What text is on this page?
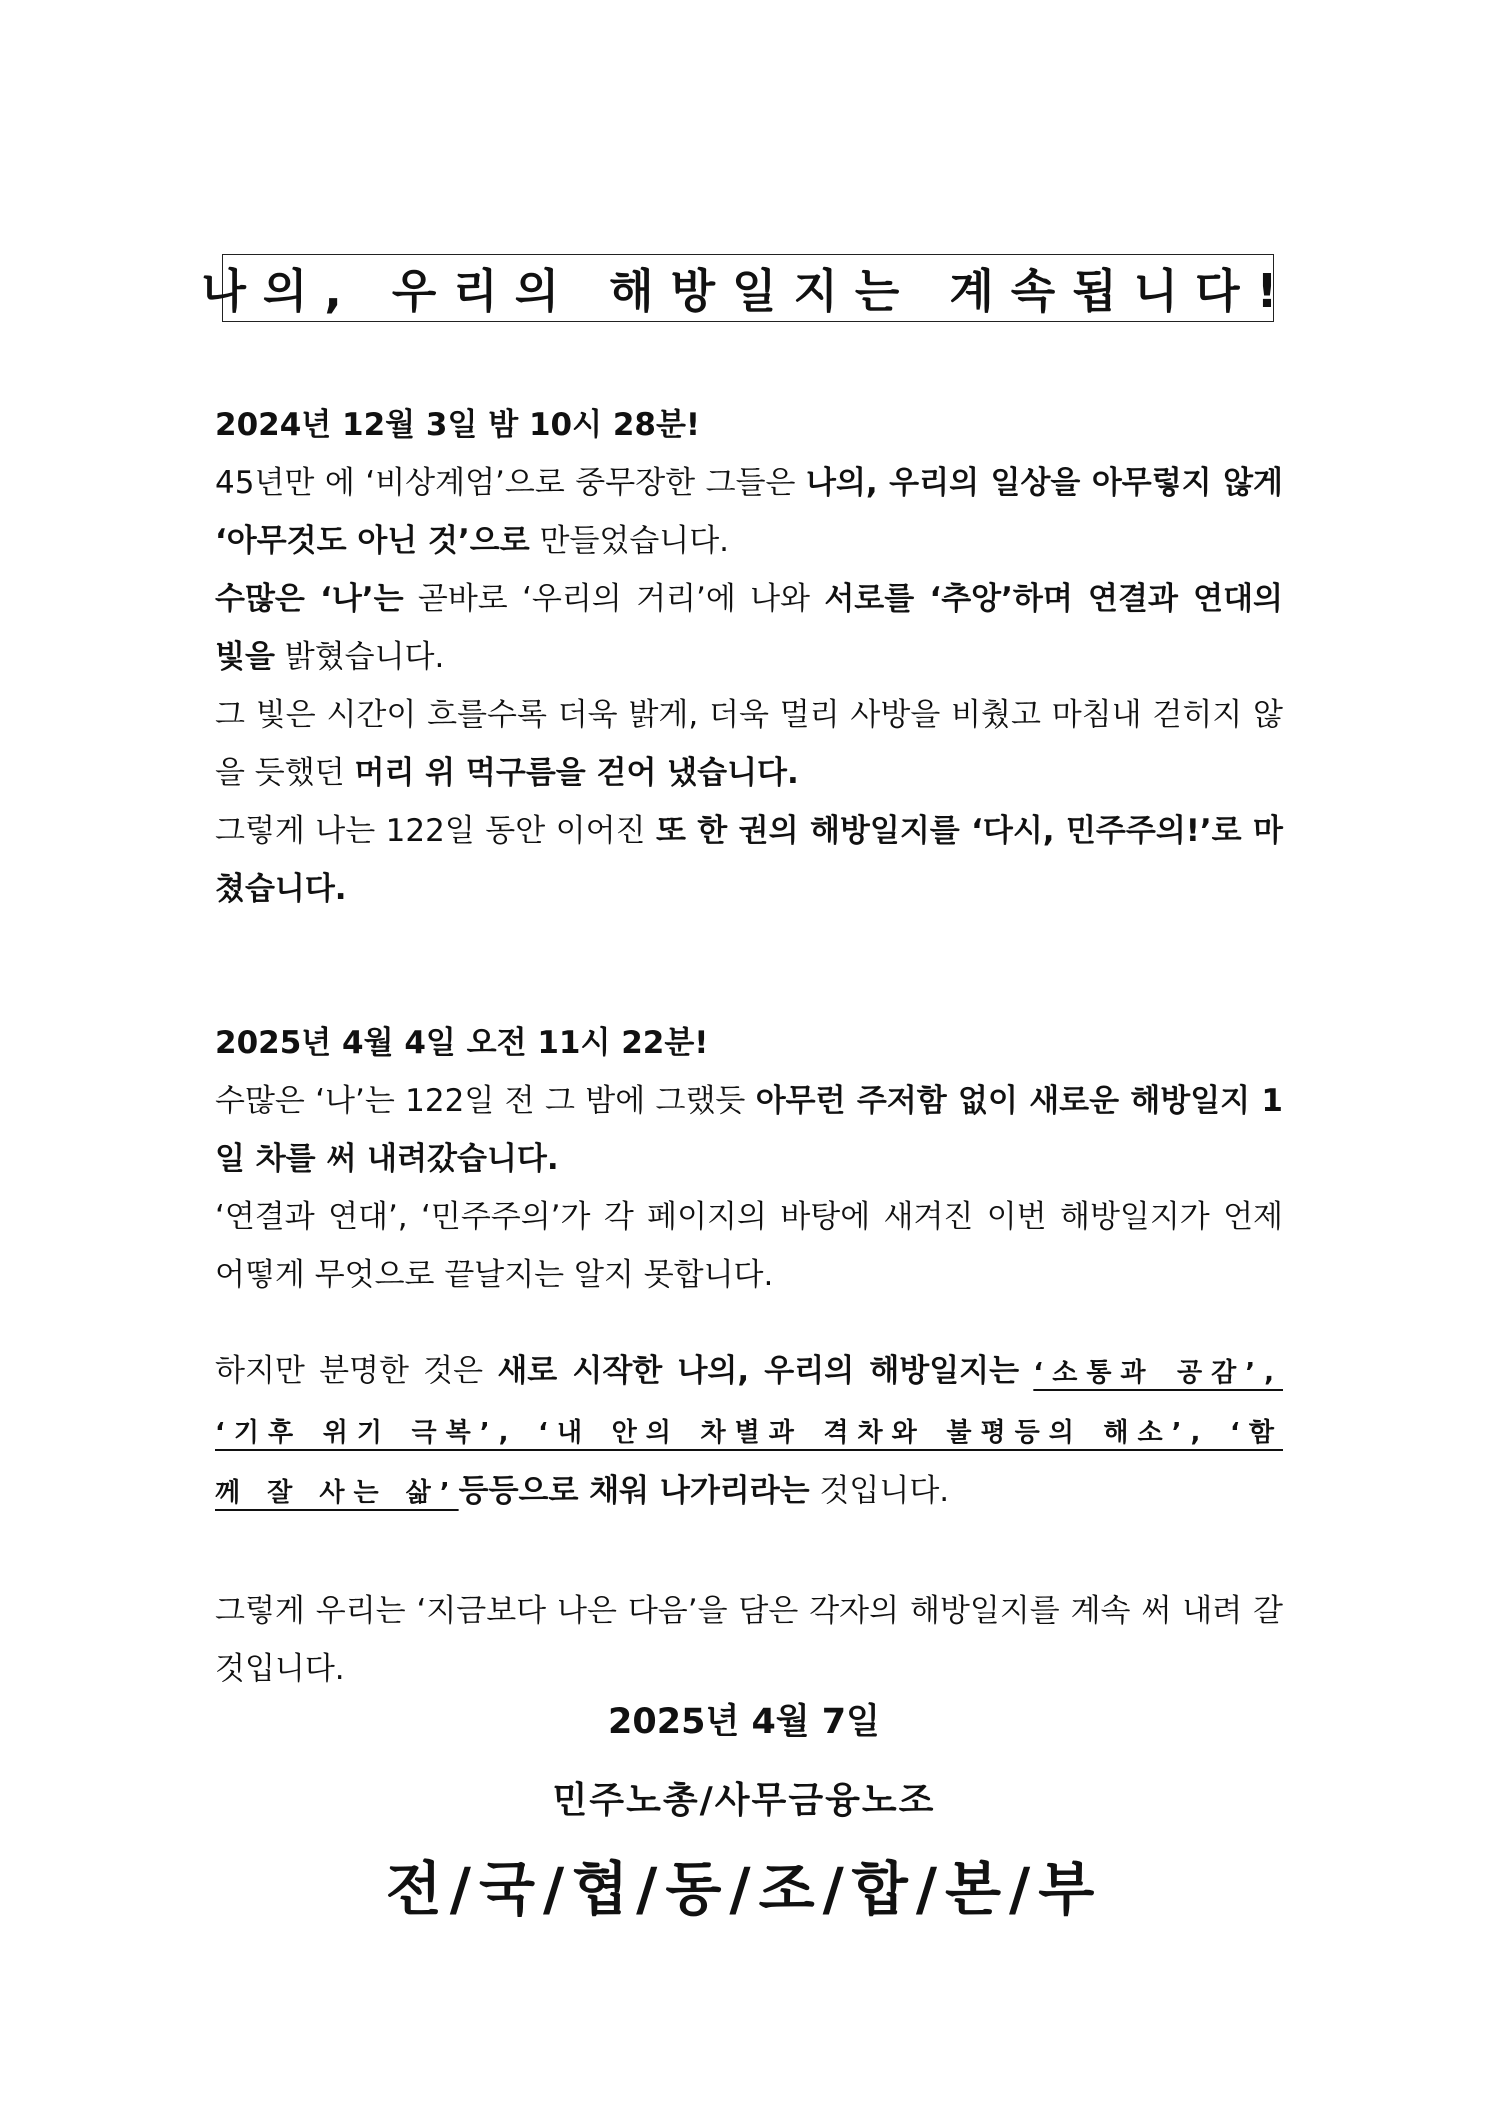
나의, 우리의 해방일지는 계속됩니다!

2024년 12월 3일 밤 10시 28분!

45년만 에 ‘비상계엄’으로 중무장한 그들은 나의, 우리의 일상을 아무렇지 않게 ‘아무것도 아닌 것’으로 만들었습니다.

수많은 ‘나’는 곧바로 ‘우리의 거리’에 나와 서로를 ‘추앙’하며 연결과 연대의 빛을 밝혔습니다.

그 빛은 시간이 흐를수록 더욱 밝게, 더욱 멀리 사방을 비췄고 마침내 걷히지 않을 듯했던 머리 위 먹구름을 걷어 냈습니다.

그렇게 나는 122일 동안 이어진 또 한 권의 해방일지를 ‘다시, 민주주의!’로 마쳤습니다.

2025년 4월 4일 오전 11시 22분!

수많은 ‘나’는 122일 전 그 밤에 그랬듯 아무런 주저함 없이 새로운 해방일지 1일 차를 써 내려갔습니다.

‘연결과 연대’, ‘민주주의’가 각 페이지의 바탕에 새겨진 이번 해방일지가 언제 어떻게 무엇으로 끝날지는 알지 못합니다.

하지만 분명한 것은 새로 시작한 나의, 우리의 해방일지는 ‘소통과 공감’, ‘기후 위기 극복’, ‘내 안의 차별과 격차와 불평등의 해소’, ‘함께 잘 사는 삶’등등으로 채워 나가리라는 것입니다.

그렇게 우리는 ‘지금보다 나은 다음’을 담은 각자의 해방일지를 계속 써 내려 갈 것입니다.

2025년 4월 7일
민주노총/사무금융노조
전/국/협/동/조/합/본/부
